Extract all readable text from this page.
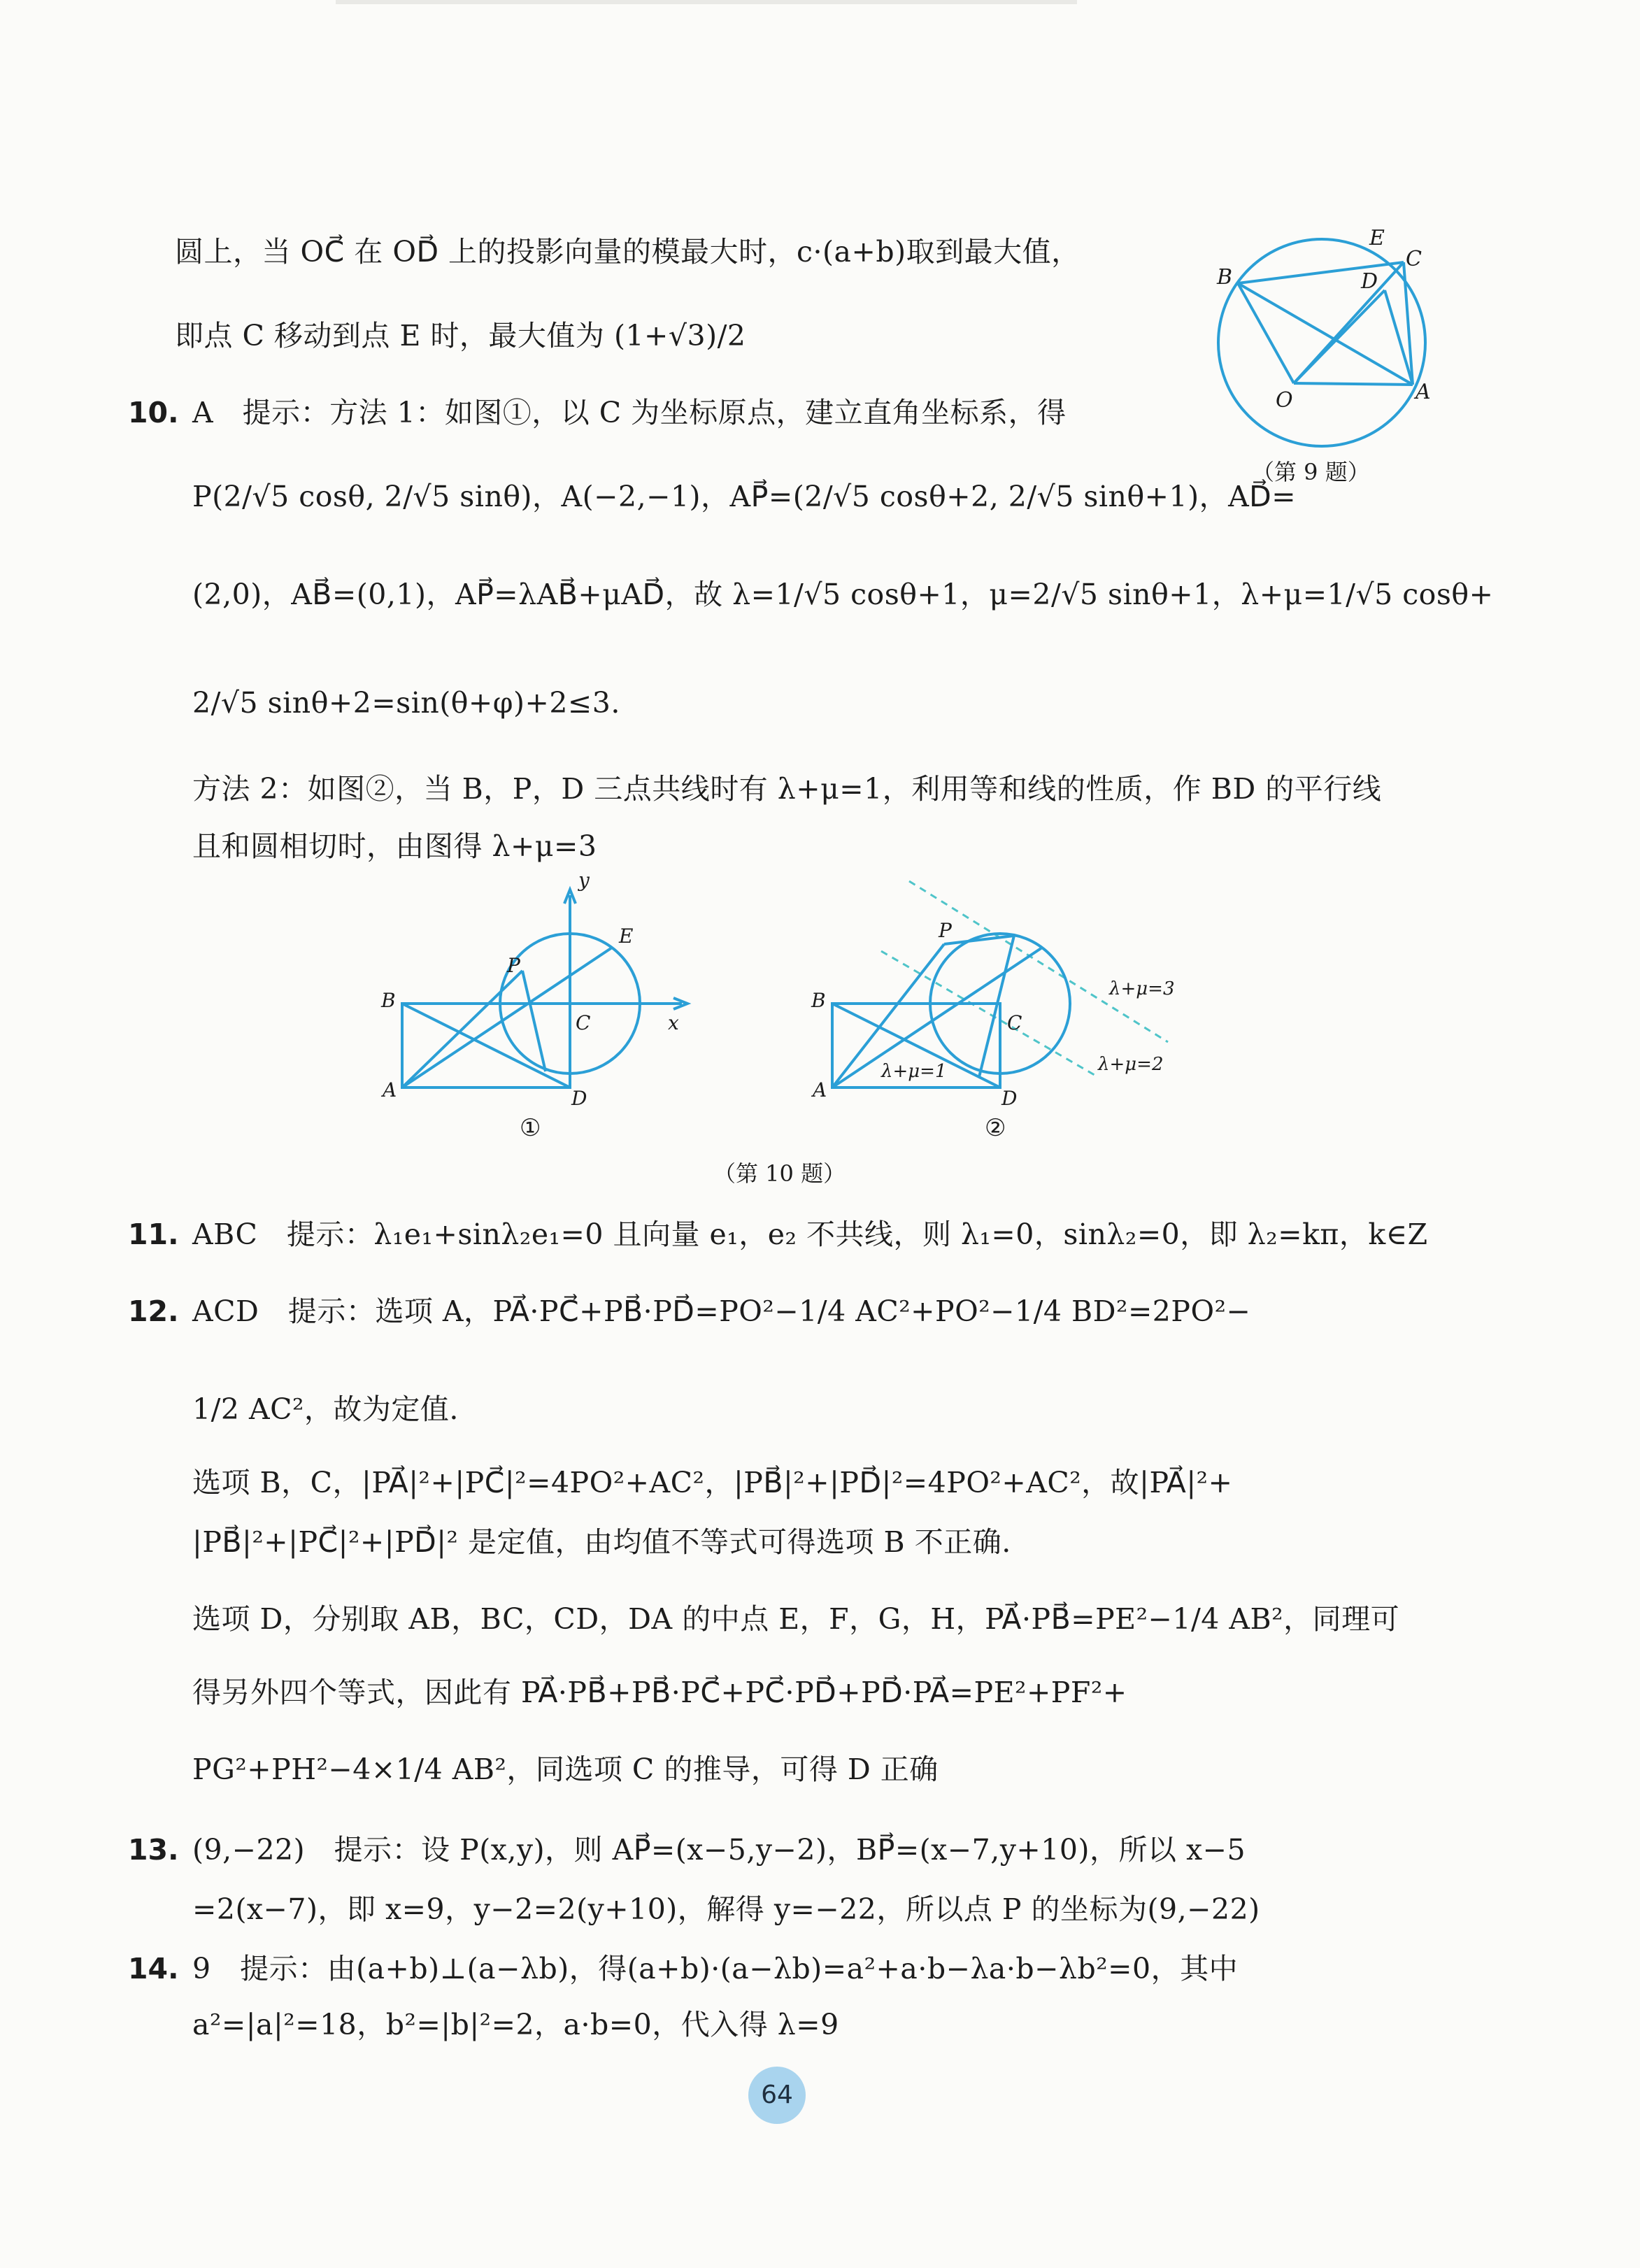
圆上，当 OC⃗ 在 OD⃗ 上的投影向量的模最大时，c·(a+b)取到最大值，
即点 C 移动到点 E 时，最大值为 (1+√3)/2
10. A　提示：方法 1：如图①，以 C 为坐标原点，建立直角坐标系，得
P(2/√5 cosθ, 2/√5 sinθ)，A(−2,−1)，AP⃗=(2/√5 cosθ+2, 2/√5 sinθ+1)，AD⃗=
(2,0)，AB⃗=(0,1)，AP⃗=λAB⃗+μAD⃗，故 λ=1/√5 cosθ+1，μ=2/√5 sinθ+1，λ+μ=1/√5 cosθ+
2/√5 sinθ+2=sin(θ+φ)+2≤3.
方法 2：如图②，当 B，P，D 三点共线时有 λ+μ=1，利用等和线的性质，作 BD 的平行线
且和圆相切时，由图得 λ+μ=3
11. ABC　提示：λ₁e₁+sinλ₂e₁=0 且向量 e₁，e₂ 不共线，则 λ₁=0，sinλ₂=0，即 λ₂=kπ，k∈Z
12. ACD　提示：选项 A，PA⃗·PC⃗+PB⃗·PD⃗=PO²−1/4 AC²+PO²−1/4 BD²=2PO²−
1/2 AC²，故为定值.
选项 B，C，|PA⃗|²+|PC⃗|²=4PO²+AC²，|PB⃗|²+|PD⃗|²=4PO²+AC²，故|PA⃗|²+
|PB⃗|²+|PC⃗|²+|PD⃗|² 是定值，由均值不等式可得选项 B 不正确.
选项 D，分别取 AB，BC，CD，DA 的中点 E，F，G，H，PA⃗·PB⃗=PE²−1/4 AB²，同理可
得另外四个等式，因此有 PA⃗·PB⃗+PB⃗·PC⃗+PC⃗·PD⃗+PD⃗·PA⃗=PE²+PF²+
PG²+PH²−4×1/4 AB²，同选项 C 的推导，可得 D 正确
13. (9,−22)　提示：设 P(x,y)，则 AP⃗=(x−5,y−2)，BP⃗=(x−7,y+10)，所以 x−5
=2(x−7)，即 x=9，y−2=2(y+10)，解得 y=−22，所以点 P 的坐标为(9,−22)
14. 9　提示：由(a+b)⊥(a−λb)，得(a+b)·(a−λb)=a²+a·b−λa·b−λb²=0，其中
a²=|a|²=18，b²=|b|²=2，a·b=0，代入得 λ=9
B
E
C
D
O	A
（第 9 题）
y
E
P
B
C	x
A	D
①
P
B
C
λ+μ=3
λ+μ=1	λ+μ=2
A	D
②
（第 10 题）
64
